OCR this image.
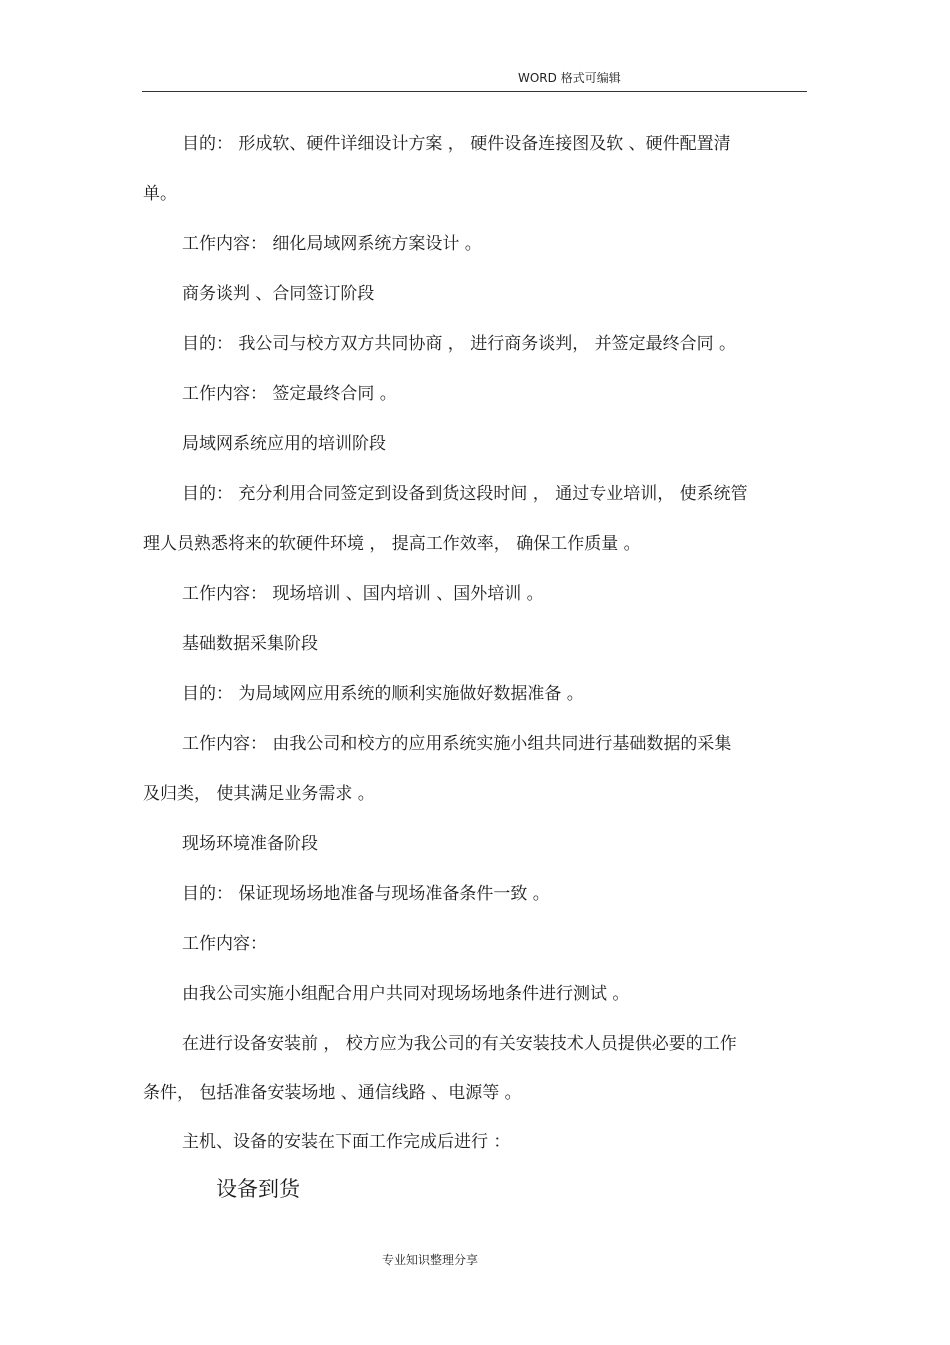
WORD 格式可编辑
目的： 形成软、硬件详细设计方案 ， 硬件设备连接图及软 、硬件配置清
单。
工作内容： 细化局域网系统方案设计 。
商务谈判 、合同签订阶段
目的： 我公司与校方双方共同协商 ， 进行商务谈判， 并签定最终合同 。
工作内容： 签定最终合同 。
局域网系统应用的培训阶段
目的： 充分利用合同签定到设备到货这段时间 ， 通过专业培训， 使系统管
理人员熟悉将来的软硬件环境 ， 提高工作效率， 确保工作质量 。
工作内容： 现场培训 、国内培训 、国外培训 。
基础数据采集阶段
目的： 为局域网应用系统的顺利实施做好数据准备 。
工作内容： 由我公司和校方的应用系统实施小组共同进行基础数据的采集
及归类， 使其满足业务需求 。
现场环境准备阶段
目的： 保证现场场地准备与现场准备条件一致 。
工作内容：
由我公司实施小组配合用户共同对现场场地条件进行测试 。
在进行设备安装前 ， 校方应为我公司的有关安装技术人员提供必要的工作
条件， 包括准备安装场地 、通信线路 、电源等 。
主机、设备的安装在下面工作完成后进行 ：
设备到货
专业知识整理分享
